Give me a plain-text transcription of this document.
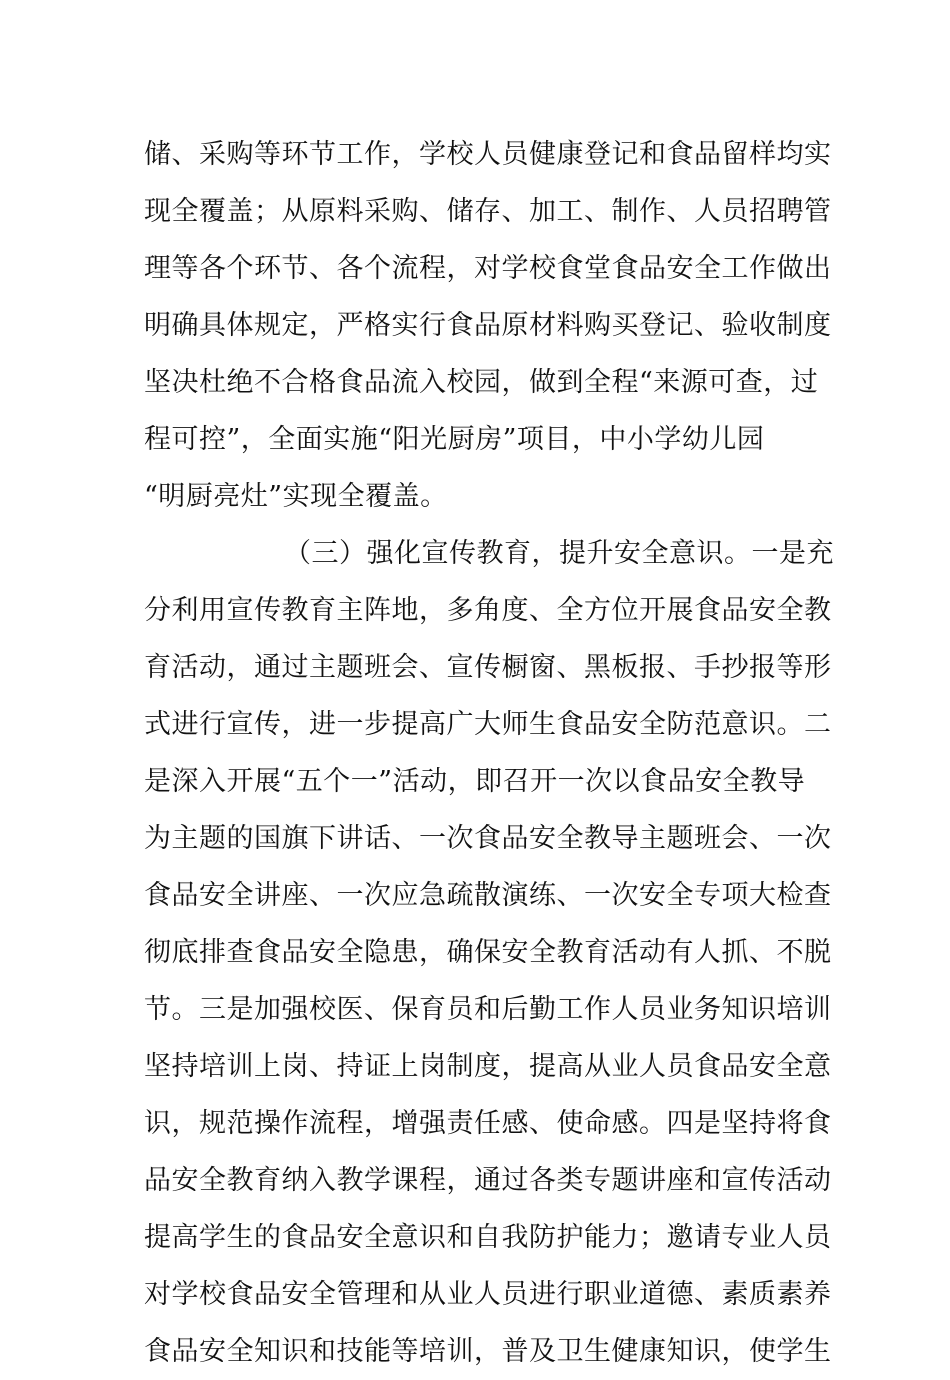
储、采购等环节工作，学校人员健康登记和食品留样均实
现全覆盖；从原料采购、储存、加工、制作、人员招聘管
理等各个环节、各个流程，对学校食堂食品安全工作做出
明确具体规定，严格实行食品原材料购买登记、验收制度
坚决杜绝不合格食品流入校园，做到全程“来源可查，过
程可控”，全面实施“阳光厨房”项目，中小学幼儿园
“明厨亮灶”实现全覆盖。
（三）强化宣传教育，提升安全意识。一是充
分利用宣传教育主阵地，多角度、全方位开展食品安全教
育活动，通过主题班会、宣传橱窗、黑板报、手抄报等形
式进行宣传，进一步提高广大师生食品安全防范意识。二
是深入开展“五个一”活动，即召开一次以食品安全教导
为主题的国旗下讲话、一次食品安全教导主题班会、一次
食品安全讲座、一次应急疏散演练、一次安全专项大检查
彻底排查食品安全隐患，确保安全教育活动有人抓、不脱
节。三是加强校医、保育员和后勤工作人员业务知识培训
坚持培训上岗、持证上岗制度，提高从业人员食品安全意
识，规范操作流程，增强责任感、使命感。四是坚持将食
品安全教育纳入教学课程，通过各类专题讲座和宣传活动
提高学生的食品安全意识和自我防护能力；邀请专业人员
对学校食品安全管理和从业人员进行职业道德、素质素养
食品安全知识和技能等培训，普及卫生健康知识，使学生
